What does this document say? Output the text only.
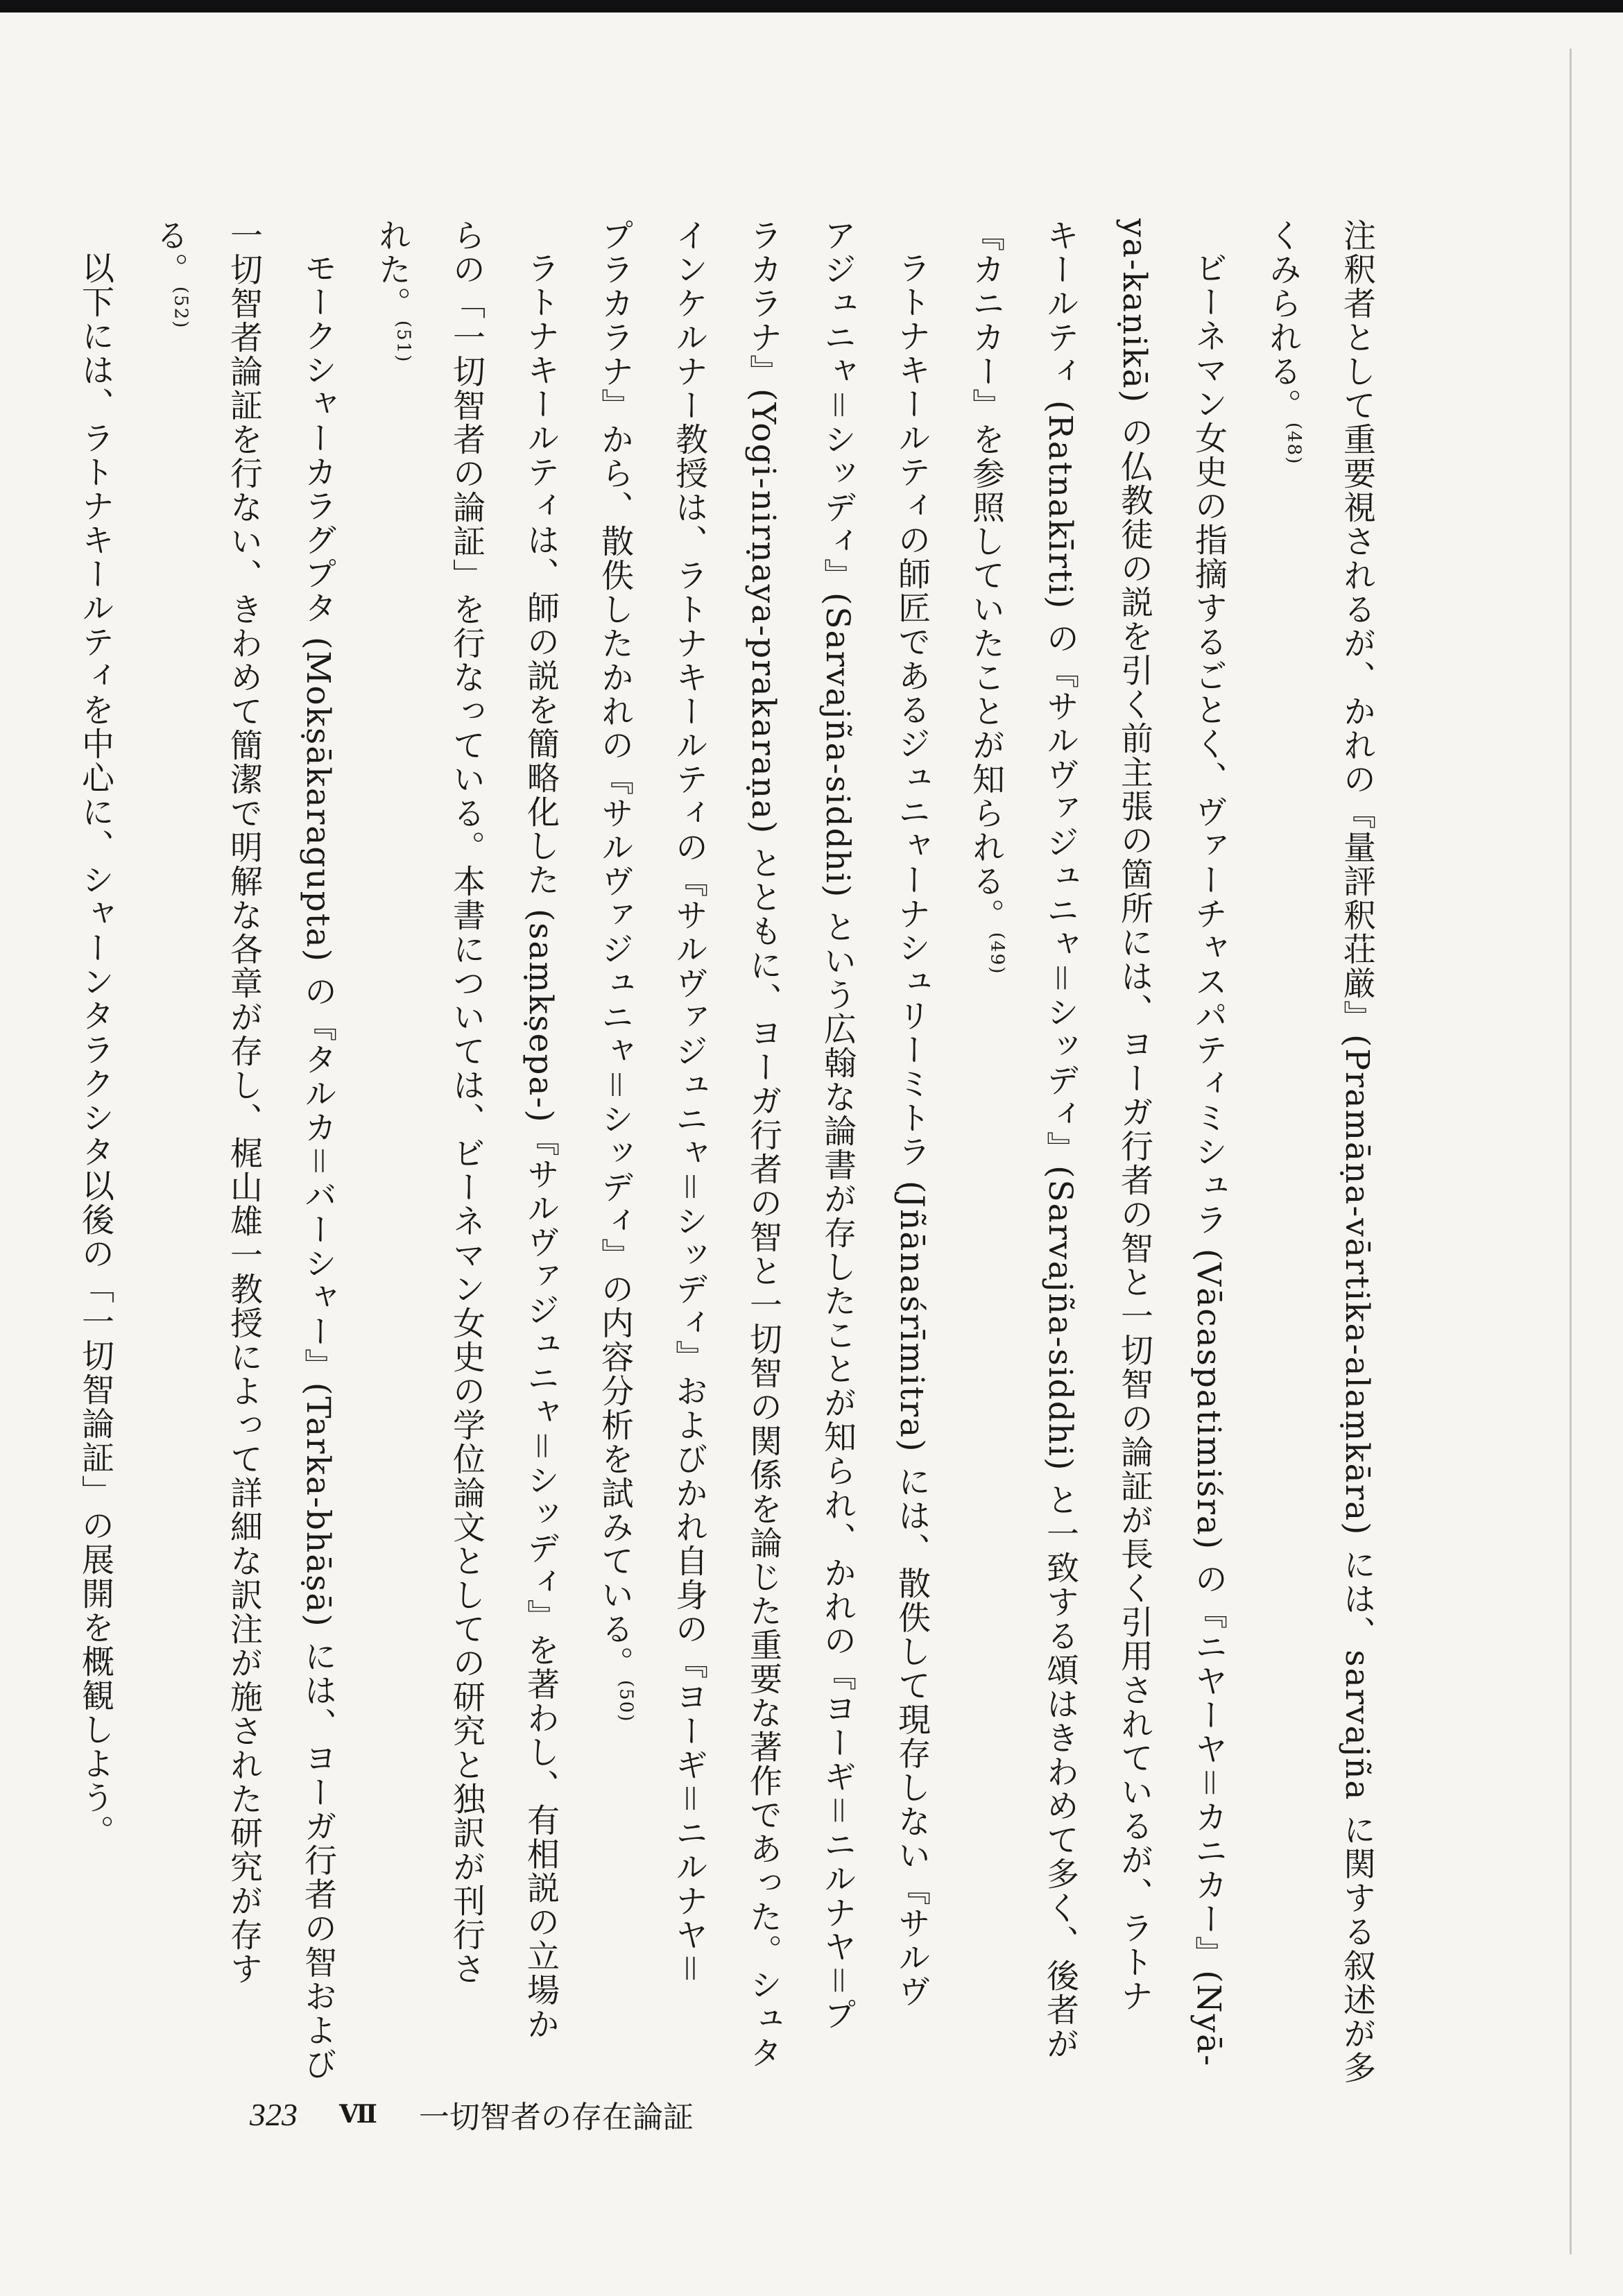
注釈者として重要視されるが、かれの『量評釈荘厳』(Pramāṇa-vārtika-alaṃkāra) には、sarvajña に関する叙述が多
くみられる。(48)
ビーネマン女史の指摘するごとく、ヴァーチャスパティミシュラ (Vācaspatimiśra) の『ニヤーヤ＝カニカー』(Nyā-
ya-kaṇikā) の仏教徒の説を引く前主張の箇所には、ヨーガ行者の智と一切智の論証が長く引用されているが、ラトナ
キールティ (Ratnakīrti) の『サルヴァジュニャ＝シッディ』(Sarvajña-siddhi) と一致する頌はきわめて多く、後者が
『カニカー』を参照していたことが知られる。(49)
ラトナキールティの師匠であるジュニャーナシュリーミトラ (Jñānaśrīmitra) には、散佚して現存しない『サルヴ
アジュニャ＝シッディ』(Sarvajña-siddhi) という広翰な論書が存したことが知られ、かれの『ヨーギ＝ニルナヤ＝プ
ラカラナ』(Yogi-nirṇaya-prakaraṇa) とともに、ヨーガ行者の智と一切智の関係を論じた重要な著作であった。シュタ
インケルナー教授は、ラトナキールティの『サルヴァジュニャ＝シッディ』およびかれ自身の『ヨーギ＝ニルナヤ＝
プラカラナ』から、散佚したかれの『サルヴァジュニャ＝シッディ』の内容分析を試みている。(50)
ラトナキールティは、師の説を簡略化した (saṃkṣepa-)『サルヴァジュニャ＝シッディ』を著わし、有相説の立場か
らの「一切智者の論証」を行なっている。本書については、ビーネマン女史の学位論文としての研究と独訳が刊行さ
れた。(51)
モークシャーカラグプタ (Mokṣākaragupta) の『タルカ＝バーシャー』(Tarka-bhāṣā) には、ヨーガ行者の智および
一切智者論証を行ない、きわめて簡潔で明解な各章が存し、梶山雄一教授によって詳細な訳注が施された研究が存す
る。(52)
以下には、ラトナキールティを中心に、シャーンタラクシタ以後の「一切智論証」の展開を概観しよう。
323 Ⅶ 一切智者の存在論証
